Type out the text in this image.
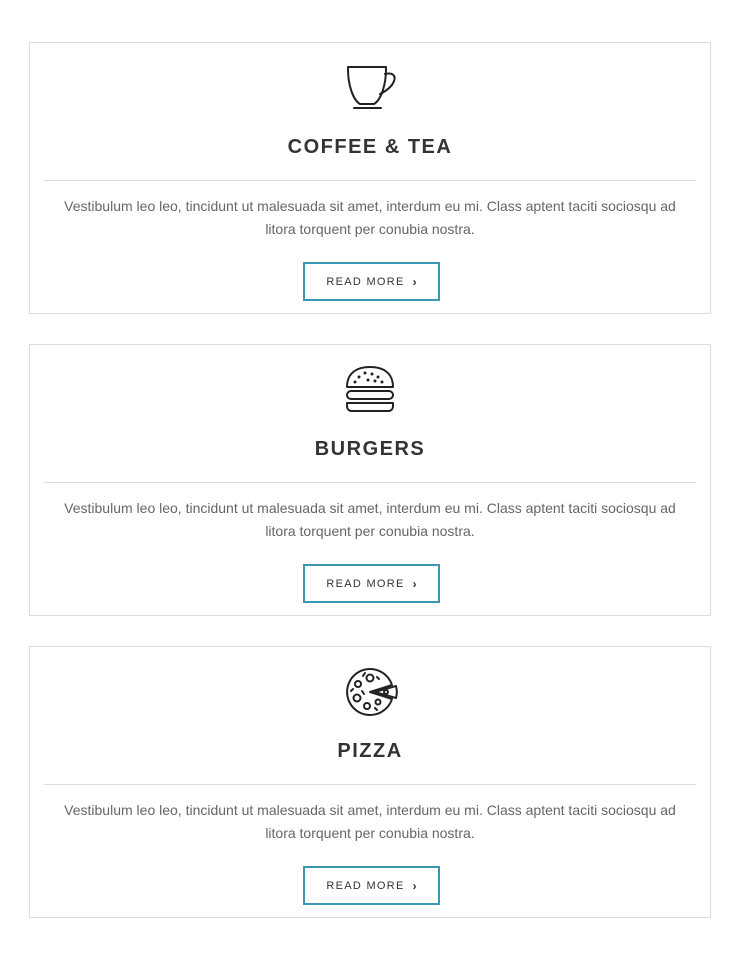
COFFEE & TEA

Vestibulum leo leo, tincidunt ut malesuada sit amet, interdum eu mi. Class aptent taciti sociosqu ad litora torquent per conubia nostra.

READ MORE ›
BURGERS

Vestibulum leo leo, tincidunt ut malesuada sit amet, interdum eu mi. Class aptent taciti sociosqu ad litora torquent per conubia nostra.

READ MORE ›
PIZZA

Vestibulum leo leo, tincidunt ut malesuada sit amet, interdum eu mi. Class aptent taciti sociosqu ad litora torquent per conubia nostra.

READ MORE ›
